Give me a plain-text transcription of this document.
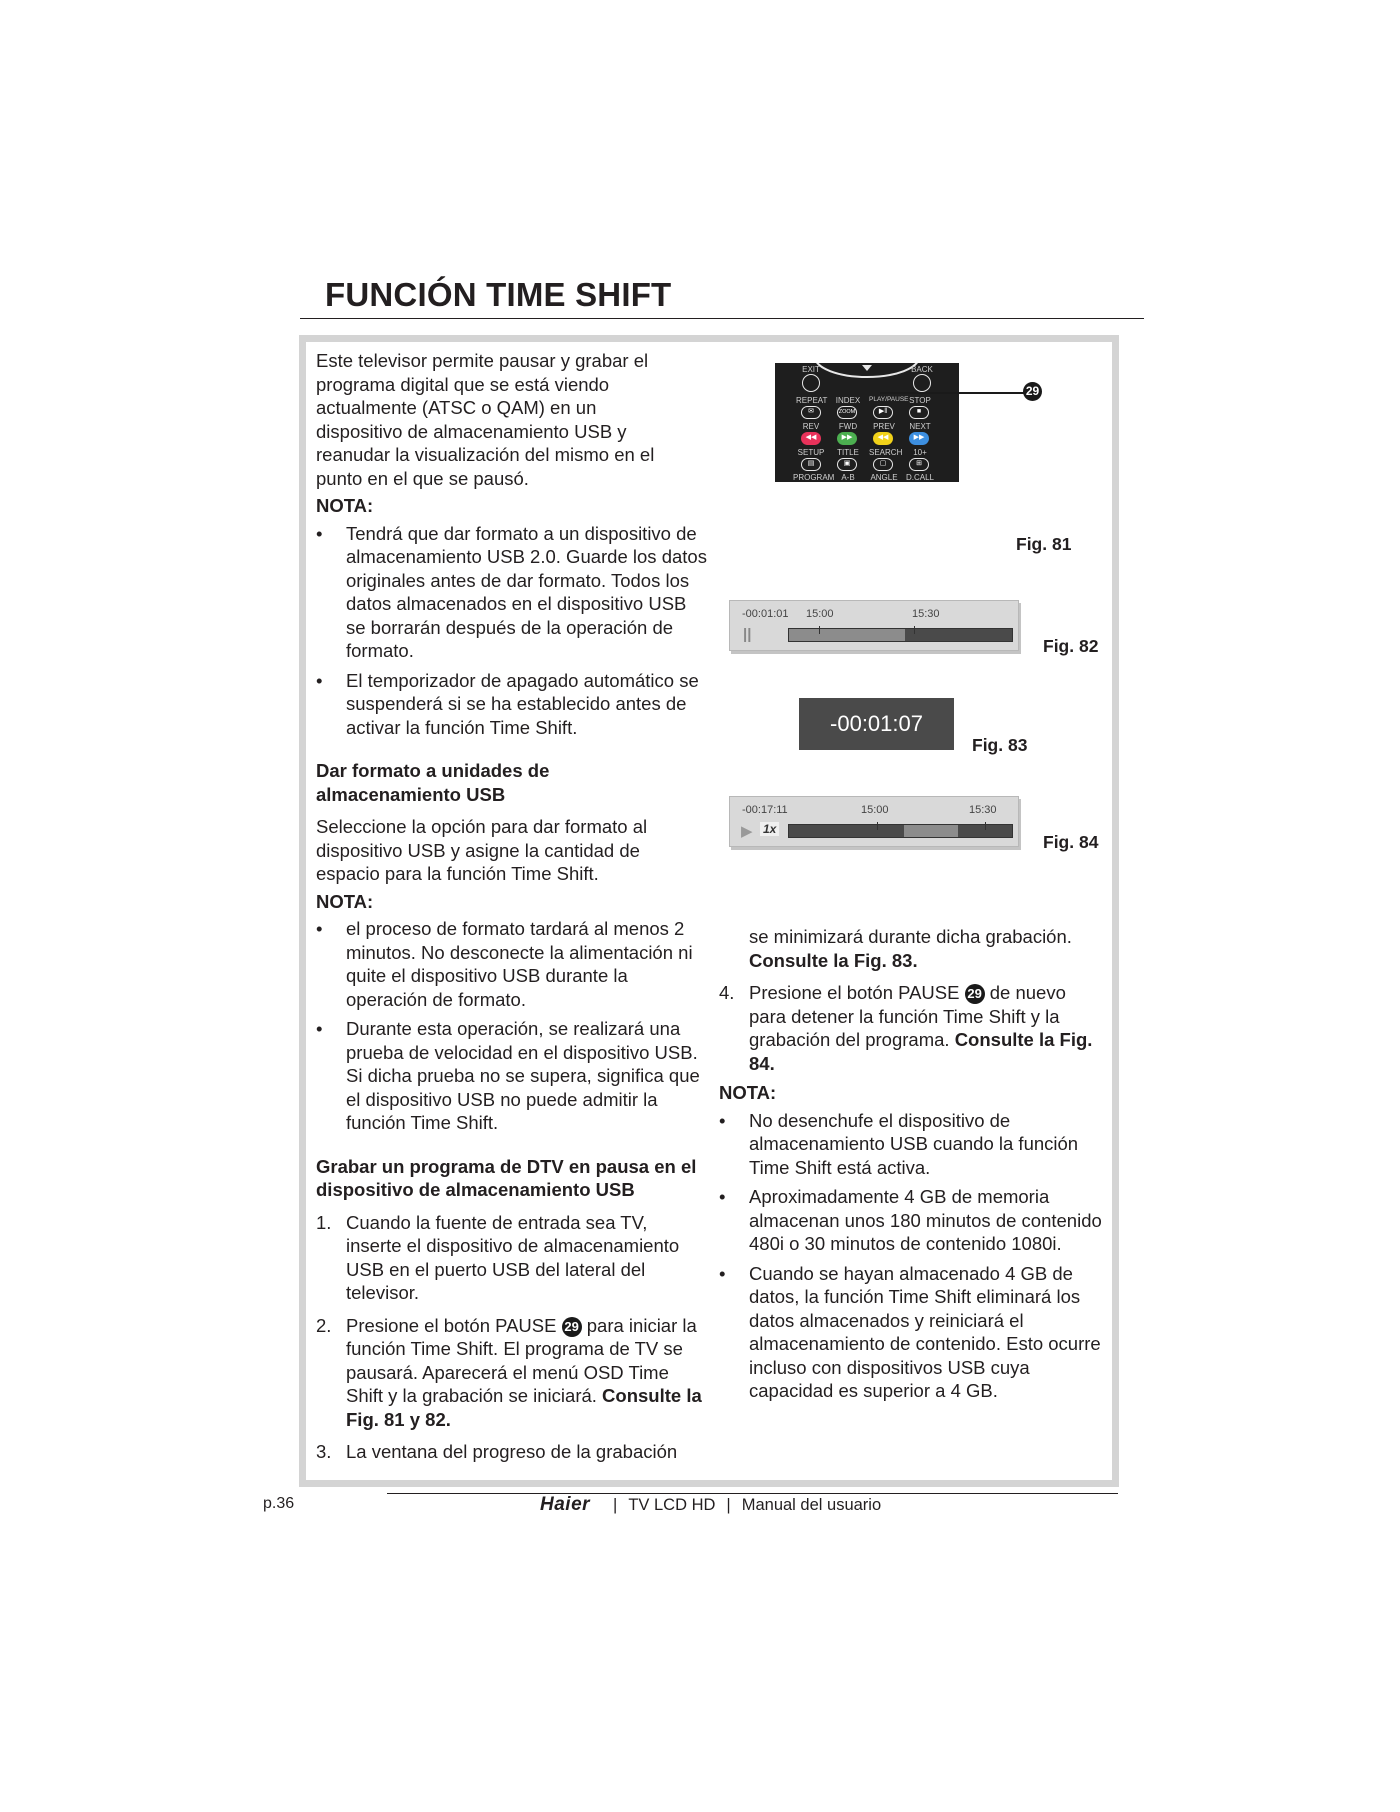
FUNCIÓN TIME SHIFT

Este televisor permite pausar y grabar el programa digital que se está viendo actualmente (ATSC o QAM) en un dispositivo de almacenamiento USB y reanudar la visualización del mismo en el punto en el que se pausó.

NOTA:

• Tendrá que dar formato a un dispositivo de almacenamiento USB 2.0. Guarde los datos originales antes de dar formato. Todos los datos almacenados en el dispositivo USB se borrarán después de la operación de formato.
• El temporizador de apagado automático se suspenderá si se ha establecido antes de activar la función Time Shift.

Dar formato a unidades de almacenamiento USB

Seleccione la opción para dar formato al dispositivo USB y asigne la cantidad de espacio para la función Time Shift.

NOTA:

• el proceso de formato tardará al menos 2 minutos. No desconecte la alimentación ni quite el dispositivo USB durante la operación de formato.
• Durante esta operación, se realizará una prueba de velocidad en el dispositivo USB. Si dicha prueba no se supera, significa que el dispositivo USB no puede admitir la función Time Shift.

Grabar un programa de DTV en pausa en el dispositivo de almacenamiento USB

1. Cuando la fuente de entrada sea TV, inserte el dispositivo de almacenamiento USB en el puerto USB del lateral del televisor.
2. Presione el botón PAUSE 29 para iniciar la función Time Shift. El programa de TV se pausará. Aparecerá el menú OSD Time Shift y la grabación se iniciará. Consulte la Fig. 81 y 82.
3. La ventana del progreso de la grabación
se minimizará durante dicha grabación. Consulte la Fig. 83.
4. Presione el botón PAUSE 29 de nuevo para detener la función Time Shift y la grabación del programa. Consulte la Fig. 84.

NOTA:

• No desenchufe el dispositivo de almacenamiento USB cuando la función Time Shift está activa.
• Aproximadamente 4 GB de memoria almacenan unos 180 minutos de contenido 480i o 30 minutos de contenido 1080i.
• Cuando se hayan almacenado 4 GB de datos, la función Time Shift eliminará los datos almacenados y reiniciará el almacenamiento de contenido. Esto ocurre incluso con dispositivos USB cuya capacidad es superior a 4 GB.
EXIT	BACK
REPEAT	INDEX	PLAY/PAUSE STOP
✉	ZOOM	▶‖	■
REV	FWD	PREV	NEXT
◀◀	▶▶	◀◀	▶▶
SETUP	TITLE	SEARCH	10+
▤	▣	▢	⊞
PROGRAM A-B	ANGLE D.CALL
29
Fig. 81
-00:01:01 15:00	15:30
||
Fig. 82
-00:01:07
Fig. 83
-00:17:11	15:00	15:30
▶ 1x
Fig. 84
p.36	Haier | TV LCD HD | Manual del usuario
